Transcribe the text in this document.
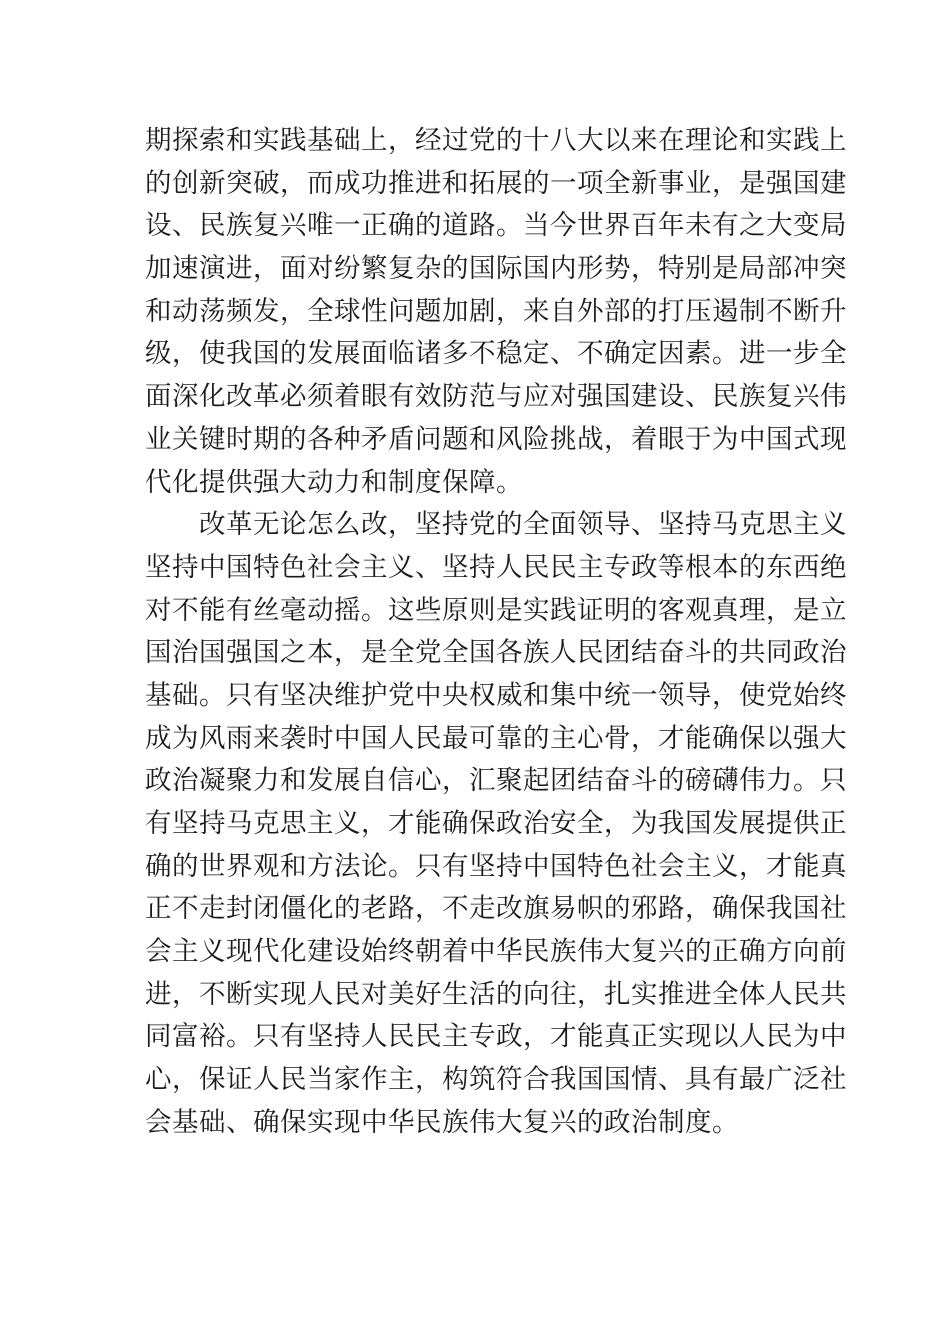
期探索和实践基础上，经过党的十八大以来在理论和实践上
的创新突破，而成功推进和拓展的一项全新事业，是强国建
设、民族复兴唯一正确的道路。当今世界百年未有之大变局
加速演进，面对纷繁复杂的国际国内形势，特别是局部冲突
和动荡频发，全球性问题加剧，来自外部的打压遏制不断升
级，使我国的发展面临诸多不稳定、不确定因素。进一步全
面深化改革必须着眼有效防范与应对强国建设、民族复兴伟
业关键时期的各种矛盾问题和风险挑战，着眼于为中国式现
代化提供强大动力和制度保障。
　　改革无论怎么改，坚持党的全面领导、坚持马克思主义
坚持中国特色社会主义、坚持人民民主专政等根本的东西绝
对不能有丝毫动摇。这些原则是实践证明的客观真理，是立
国治国强国之本，是全党全国各族人民团结奋斗的共同政治
基础。只有坚决维护党中央权威和集中统一领导，使党始终
成为风雨来袭时中国人民最可靠的主心骨，才能确保以强大
政治凝聚力和发展自信心，汇聚起团结奋斗的磅礴伟力。只
有坚持马克思主义，才能确保政治安全，为我国发展提供正
确的世界观和方法论。只有坚持中国特色社会主义，才能真
正不走封闭僵化的老路，不走改旗易帜的邪路，确保我国社
会主义现代化建设始终朝着中华民族伟大复兴的正确方向前
进，不断实现人民对美好生活的向往，扎实推进全体人民共
同富裕。只有坚持人民民主专政，才能真正实现以人民为中
心，保证人民当家作主，构筑符合我国国情、具有最广泛社
会基础、确保实现中华民族伟大复兴的政治制度。
